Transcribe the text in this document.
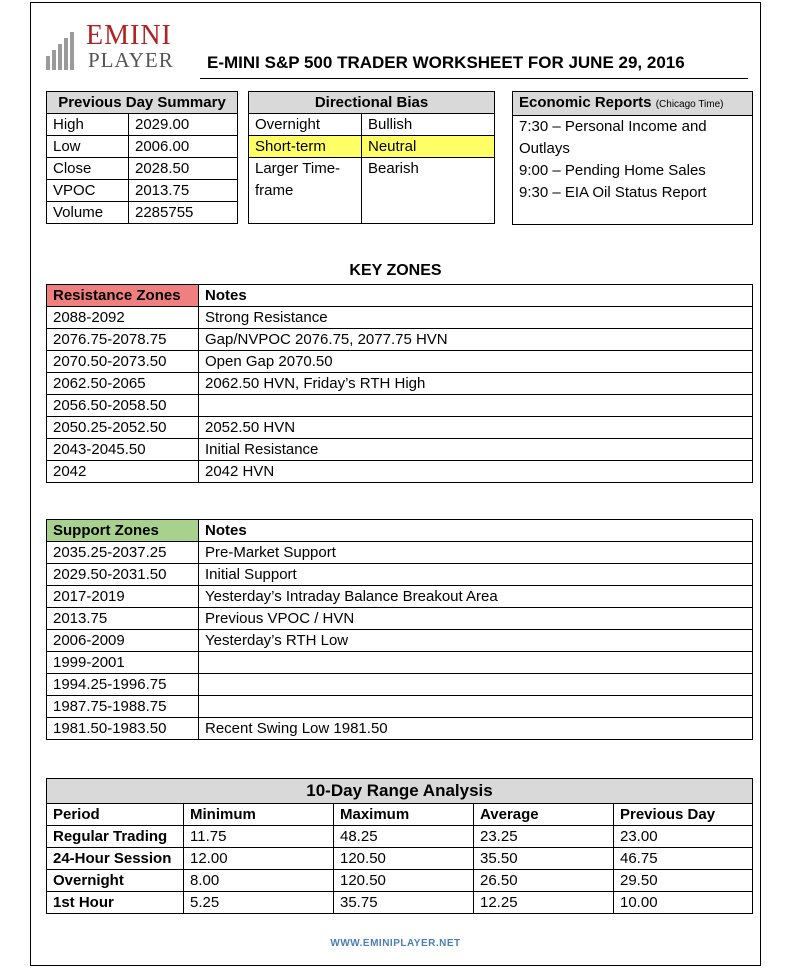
EMINI
PLAYER E-MINI S&P 500 TRADER WORKSHEET FOR JUNE 29, 2016
Previous Day Summary	
High	2029.00
Low	2006.00
Close	2028.50
VPOC	2013.75
Volume	2285755
Directional Bias	
Overnight	Bullish
Short-term	Neutral
Larger Time-frame	Bearish
Economic Reports (Chicago Time)
7:30 – Personal Income and
Outlays
9:00 – Pending Home Sales
9:30 – EIA Oil Status Report
KEY ZONES
Resistance Zones	Notes
2088-2092	Strong Resistance
2076.75-2078.75	Gap/NVPOC 2076.75, 2077.75 HVN
2070.50-2073.50	Open Gap 2070.50
2062.50-2065	2062.50 HVN, Friday’s RTH High
2056.50-2058.50	
2050.25-2052.50	2052.50 HVN
2043-2045.50	Initial Resistance
2042	2042 HVN
Support Zones	Notes
2035.25-2037.25	Pre-Market Support
2029.50-2031.50	Initial Support
2017-2019	Yesterday’s Intraday Balance Breakout Area
2013.75	Previous VPOC / HVN
2006-2009	Yesterday’s RTH Low
1999-2001	
1994.25-1996.75	
1987.75-1988.75	
1981.50-1983.50	Recent Swing Low 1981.50
10-Day Range Analysis				
Period	Minimum	Maximum	Average	Previous Day
Regular Trading	11.75	48.25	23.25	23.00
24-Hour Session	12.00	120.50	35.50	46.75
Overnight	8.00	120.50	26.50	29.50
1st Hour	5.25	35.75	12.25	10.00
WWW.EMINIPLAYER.NET
